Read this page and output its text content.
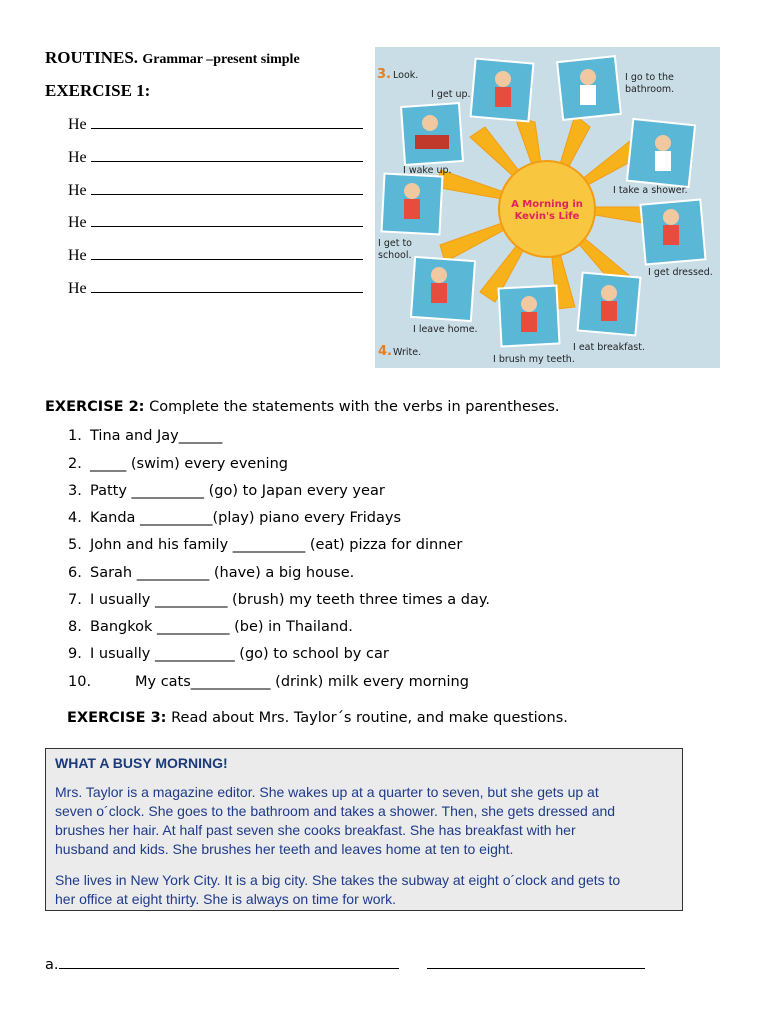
ROUTINES. Grammar –present simple
EXERCISE 1:
He
He
He
He
He
He
A Morning in
Kevin's Life
3. Look.
I get up.
I go to the
bathroom.
I wake up.
I take a shower.
I get to
school.
I get dressed.
I leave home.
I eat breakfast.
4. Write.
I brush my teeth.
EXERCISE 2: Complete the statements with the verbs in parentheses.
1. Tina and Jay______
2. _____ (swim) every evening
3. Patty __________ (go) to Japan every year
4. Kanda __________(play) piano every Fridays
5. John and his family __________ (eat) pizza for dinner
6. Sarah __________ (have) a big house.
7. I usually __________ (brush) my teeth three times a day.
8. Bangkok __________ (be) in Thailand.
9. I usually ___________ (go) to school by car
10.	My cats___________ (drink) milk every morning
EXERCISE 3: Read about Mrs. Taylor´s routine, and make questions.
WHAT A BUSY MORNING!
Mrs. Taylor is a magazine editor. She wakes up at a quarter to seven, but she gets up at
seven o´clock. She goes to the bathroom and takes a shower. Then, she gets dressed and
brushes her hair. At half past seven she cooks breakfast. She has breakfast with her
husband and kids. She brushes her teeth and leaves home at ten to eight.
She lives in New York City. It is a big city. She takes the subway at eight o´clock and gets to
her office at eight thirty. She is always on time for work.
a.
